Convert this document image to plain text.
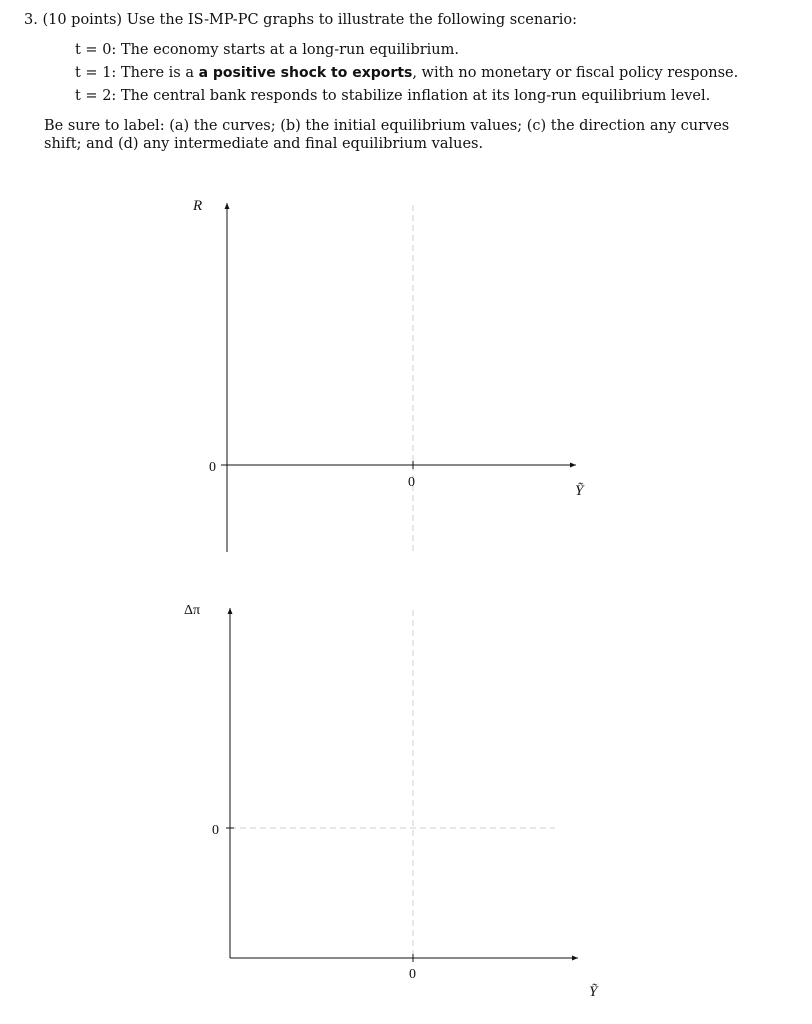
3. (10 points) Use the IS-MP-PC graphs to illustrate the following scenario:
t = 0: The economy starts at a long-run equilibrium.
t = 1: There is a a positive shock to exports, with no monetary or fiscal policy response.
t = 2: The central bank responds to stabilize inflation at its long-run equilibrium level.
Be sure to label: (a) the curves; (b) the initial equilibrium values; (c) the direction any curves shift; and (d) any intermediate and final equilibrium values.
R
0
0
Ỹ
Δπ
0
0
Ỹ
